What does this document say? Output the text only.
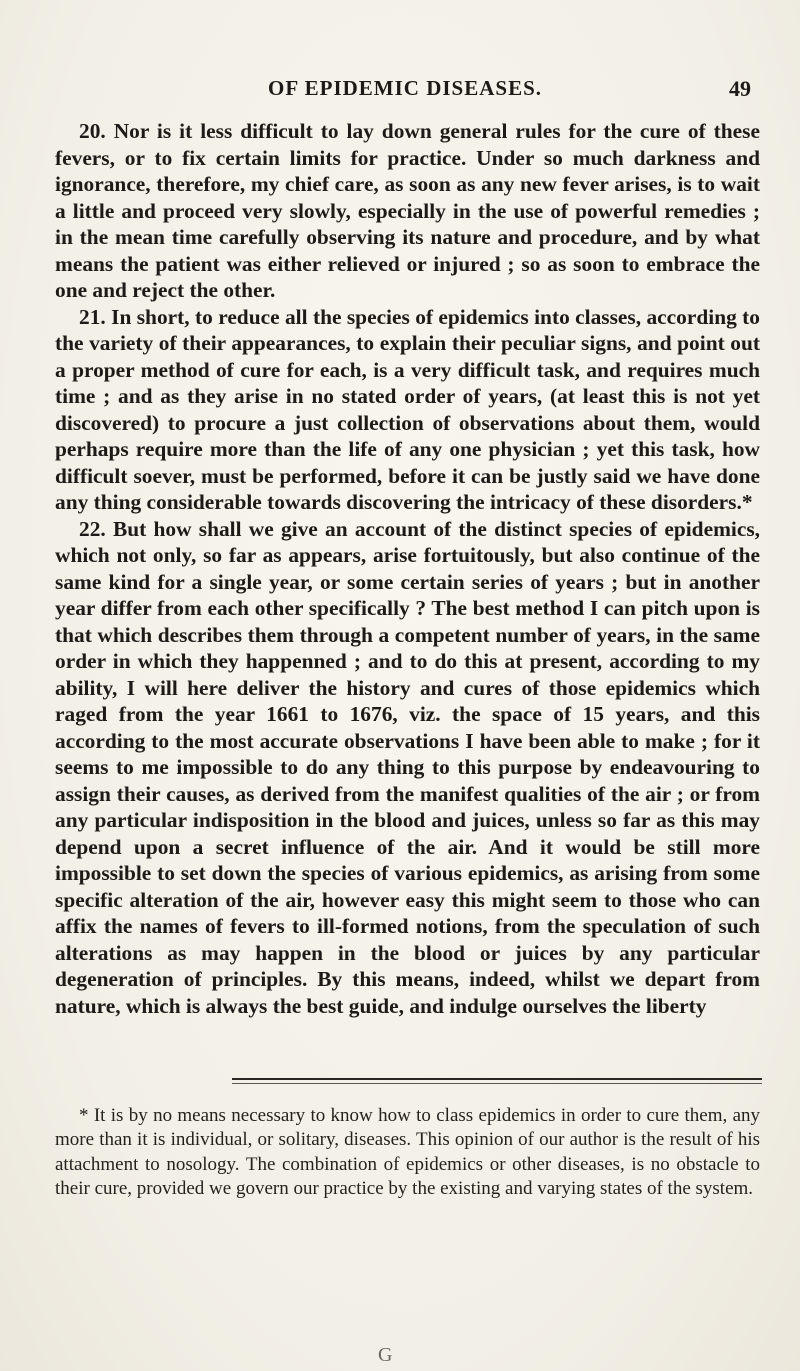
OF EPIDEMIC DISEASES.	49

20. Nor is it less difficult to lay down general rules for the cure of these fevers, or to fix certain limits for practice. Under so much darkness and ignorance, therefore, my chief care, as soon as any new fever arises, is to wait a little and proceed very slowly, especially in the use of powerful remedies ; in the mean time carefully observing its nature and procedure, and by what means the patient was either relieved or injured ; so as soon to embrace the one and reject the other.

21. In short, to reduce all the species of epidemics into classes, according to the variety of their appearances, to explain their peculiar signs, and point out a proper method of cure for each, is a very difficult task, and requires much time ; and as they arise in no stated order of years, (at least this is not yet discovered) to procure a just collection of observations about them, would perhaps require more than the life of any one physician ; yet this task, how difficult soever, must be performed, before it can be justly said we have done any thing considerable towards discovering the intricacy of these disorders.*

22. But how shall we give an account of the distinct species of epidemics, which not only, so far as appears, arise fortuitously, but also continue of the same kind for a single year, or some certain series of years ; but in another year differ from each other specifically ? The best method I can pitch upon is that which describes them through a competent number of years, in the same order in which they happenned ; and to do this at present, according to my ability, I will here deliver the history and cures of those epidemics which raged from the year 1661 to 1676, viz. the space of 15 years, and this according to the most accurate observations I have been able to make ; for it seems to me impossible to do any thing to this purpose by endeavouring to assign their causes, as derived from the manifest qualities of the air ; or from any particular indisposition in the blood and juices, unless so far as this may depend upon a secret influence of the air. And it would be still more impossible to set down the species of various epidemics, as arising from some specific alteration of the air, however easy this might seem to those who can affix the names of fevers to ill-formed notions, from the speculation of such alterations as may happen in the blood or juices by any particular degeneration of principles. By this means, indeed, whilst we depart from nature, which is always the best guide, and indulge ourselves the liberty

* It is by no means necessary to know how to class epidemics in order to cure them, any more than it is individual, or solitary, diseases. This opinion of our author is the result of his attachment to nosology. The combination of epidemics or other diseases, is no obstacle to their cure, provided we govern our practice by the existing and varying states of the system.

G
